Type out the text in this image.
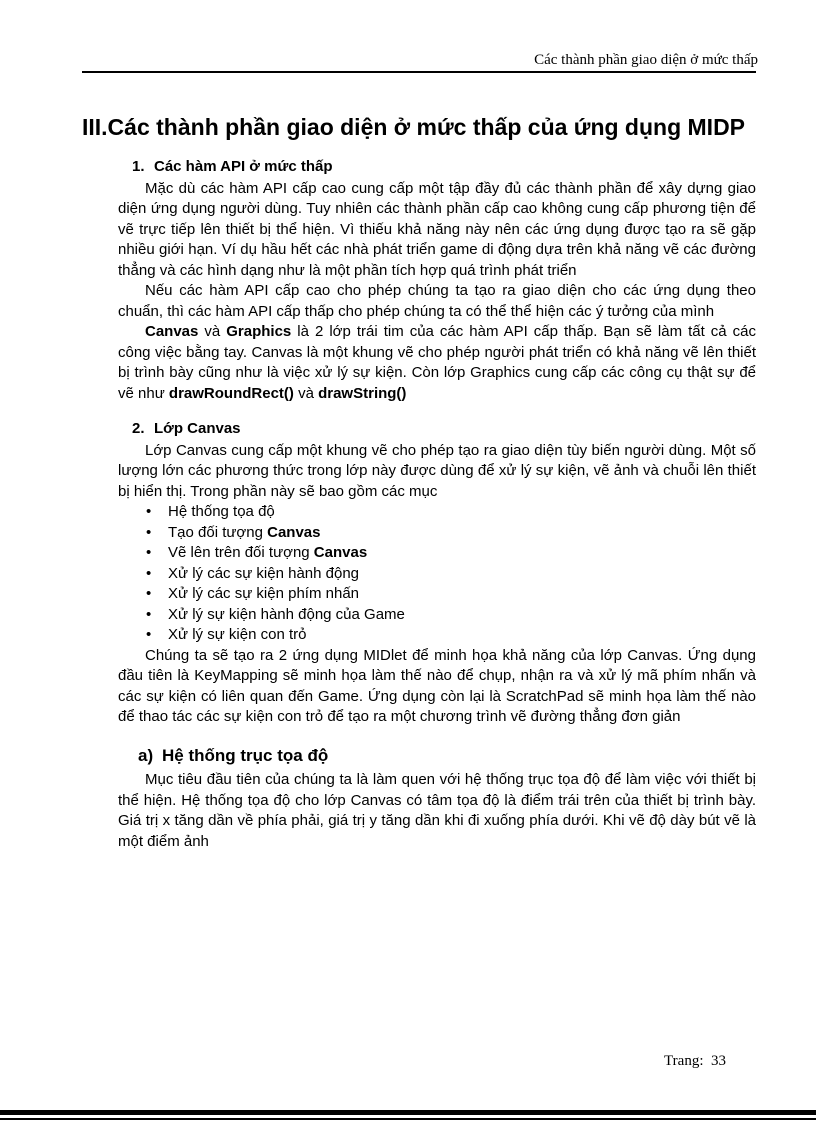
Các thành phần giao diện ở mức thấp
III.Các thành phần giao diện ở mức thấp của ứng dụng MIDP
1. Các hàm API ở mức thấp

Mặc dù các hàm API cấp cao cung cấp một tập đầy đủ các thành phần để xây dựng giao diện ứng dụng người dùng. Tuy nhiên các thành phần cấp cao không cung cấp phương tiện để vẽ trực tiếp lên thiết bị thể hiện. Vì thiếu khả năng này nên các ứng dụng được tạo ra sẽ gặp nhiều giới hạn. Ví dụ hầu hết các nhà phát triển game di động dựa trên khả năng vẽ các đường thẳng và các hình dạng như là một phần tích hợp quá trình phát triển

Nếu các hàm API cấp cao cho phép chúng ta tạo ra giao diện cho các ứng dụng theo chuẩn, thì các hàm API cấp thấp cho phép chúng ta có thể thể hiện các ý tưởng của mình

Canvas và Graphics là 2 lớp trái tim của các hàm API cấp thấp. Bạn sẽ làm tất cả các công việc bằng tay. Canvas là một khung vẽ cho phép người phát triển có khả năng vẽ lên thiết bị trình bày cũng như là việc xử lý sự kiện. Còn lớp Graphics cung cấp các công cụ thật sự để vẽ như drawRoundRect() và drawString()

2. Lớp Canvas

Lớp Canvas cung cấp một khung vẽ cho phép tạo ra giao diện tùy biến người dùng. Một số lượng lớn các phương thức trong lớp này được dùng để xử lý sự kiện, vẽ ảnh và chuỗi lên thiết bị hiển thị. Trong phần này sẽ bao gồm các mục

• Hệ thống tọa độ
• Tạo đối tượng Canvas
• Vẽ lên trên đối tượng Canvas
• Xử lý các sự kiện hành động
• Xử lý các sự kiện phím nhấn
• Xử lý sự kiện hành động của Game
• Xử lý sự kiện con trỏ

Chúng ta sẽ tạo ra 2 ứng dụng MIDlet để minh họa khả năng của lớp Canvas. Ứng dụng đầu tiên là KeyMapping sẽ minh họa làm thế nào để chụp, nhận ra và xử lý mã phím nhấn và các sự kiện có liên quan đến Game. Ứng dụng còn lại là ScratchPad sẽ minh họa làm thế nào để thao tác các sự kiện con trỏ để tạo ra một chương trình vẽ đường thẳng đơn giản

a) Hệ thống trục tọa độ

Mục tiêu đầu tiên của chúng ta là làm quen với hệ thống trục tọa độ để làm việc với thiết bị thể hiện. Hệ thống tọa độ cho lớp Canvas có tâm tọa độ là điểm trái trên của thiết bị trình bày. Giá trị x tăng dần về phía phải, giá trị y tăng dần khi đi xuống phía dưới. Khi vẽ độ dày bút vẽ là một điểm ảnh

Trang: 33
